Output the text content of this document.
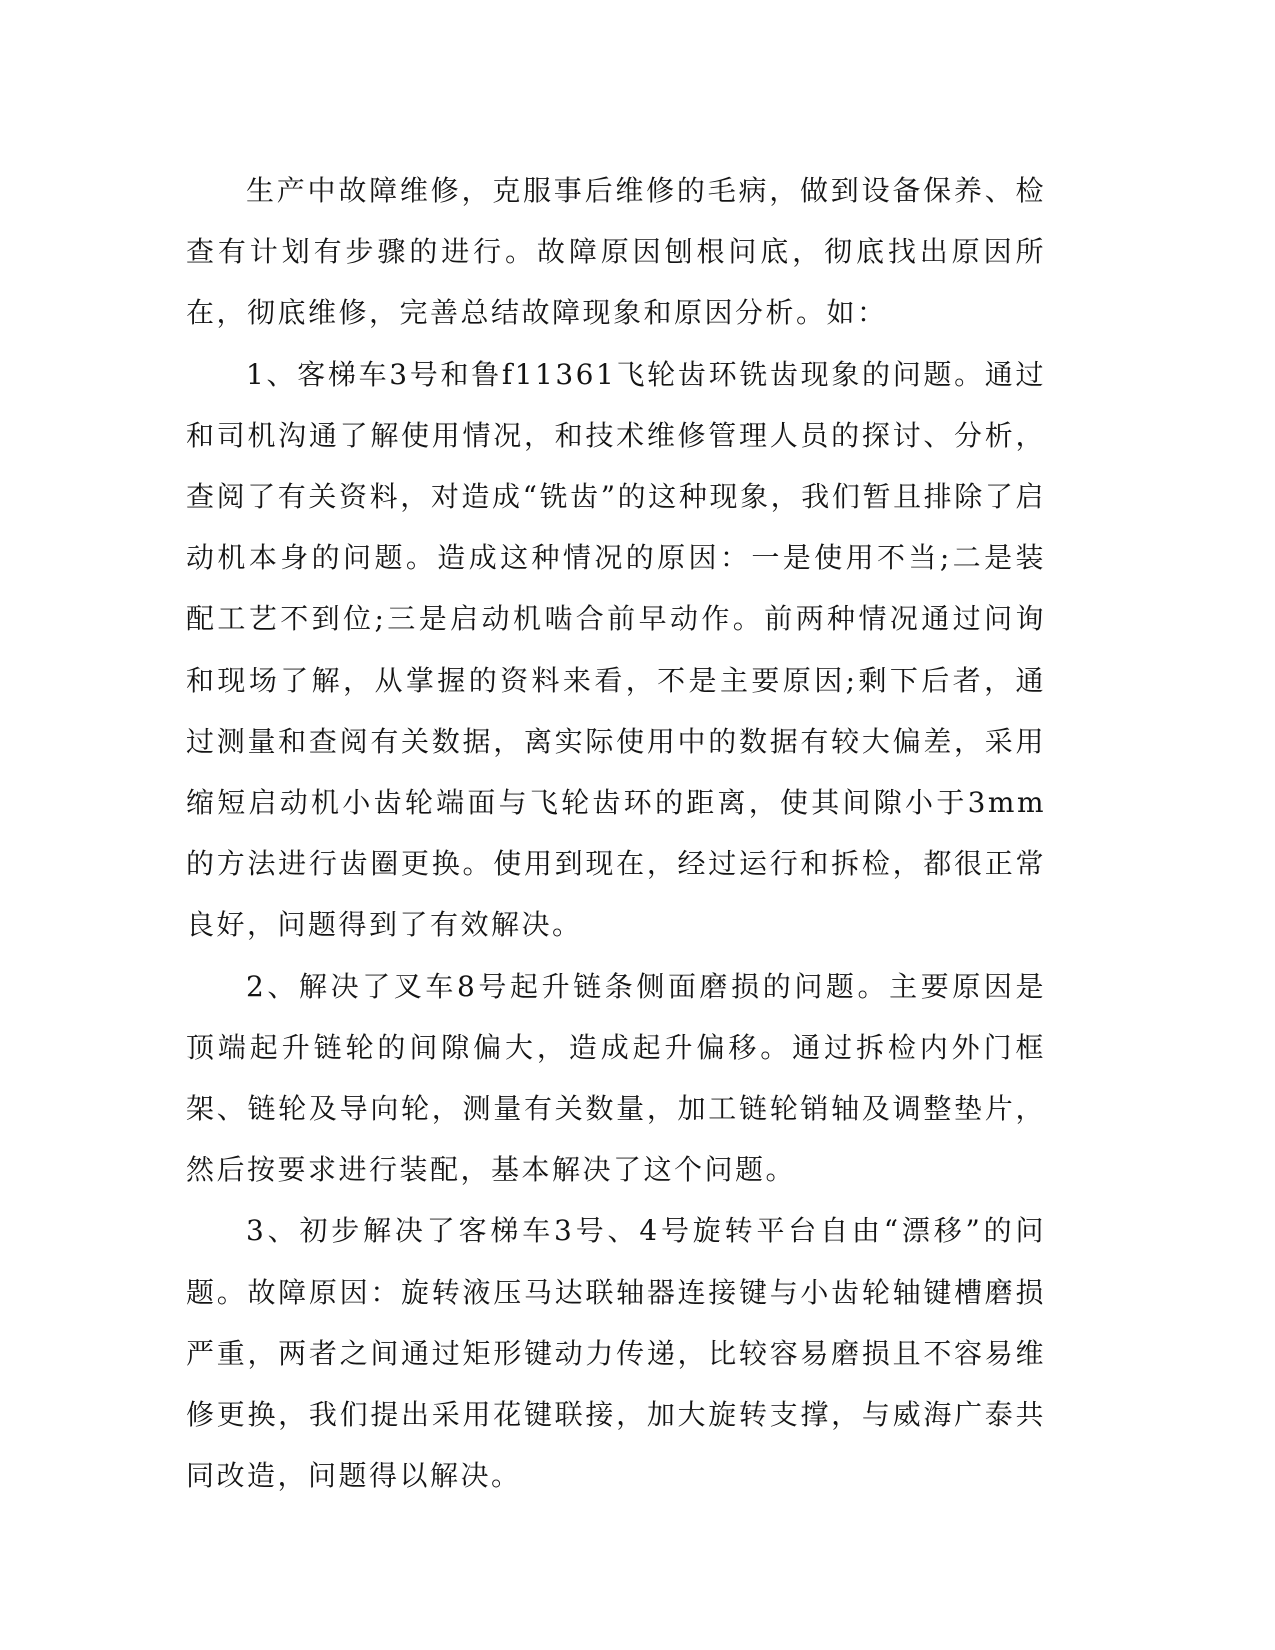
生产中故障维修，克服事后维修的毛病，做到设备保养、检查有计划有步骤的进行。故障原因刨根问底，彻底找出原因所在，彻底维修，完善总结故障现象和原因分析。如：

1、客梯车3号和鲁f11361飞轮齿环铣齿现象的问题。通过和司机沟通了解使用情况，和技术维修管理人员的探讨、分析，查阅了有关资料，对造成“铣齿”的这种现象，我们暂且排除了启动机本身的问题。造成这种情况的原因：一是使用不当;二是装配工艺不到位;三是启动机啮合前早动作。前两种情况通过问询和现场了解，从掌握的资料来看，不是主要原因;剩下后者，通过测量和查阅有关数据，离实际使用中的数据有较大偏差，采用缩短启动机小齿轮端面与飞轮齿环的距离，使其间隙小于3mm的方法进行齿圈更换。使用到现在，经过运行和拆检，都很正常良好，问题得到了有效解决。

2、解决了叉车8号起升链条侧面磨损的问题。主要原因是顶端起升链轮的间隙偏大，造成起升偏移。通过拆检内外门框架、链轮及导向轮，测量有关数量，加工链轮销轴及调整垫片，然后按要求进行装配，基本解决了这个问题。

3、初步解决了客梯车3号、4号旋转平台自由“漂移”的问题。故障原因：旋转液压马达联轴器连接键与小齿轮轴键槽磨损严重，两者之间通过矩形键动力传递，比较容易磨损且不容易维修更换，我们提出采用花键联接，加大旋转支撑，与威海广泰共同改造，问题得以解决。
